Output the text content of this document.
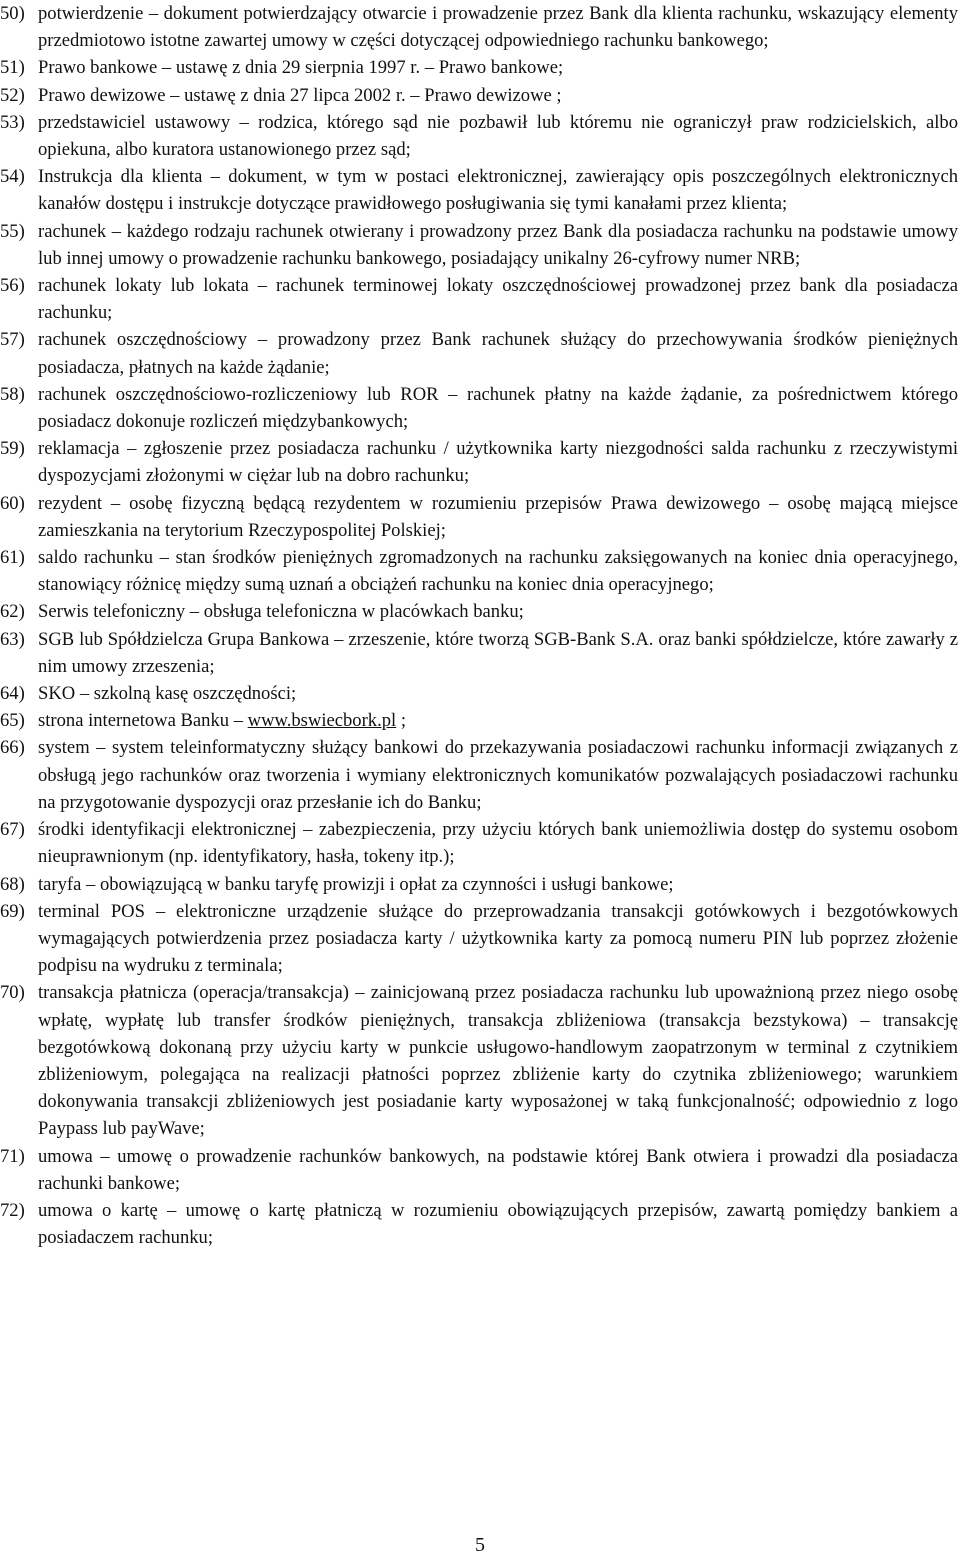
50) potwierdzenie – dokument potwierdzający otwarcie i prowadzenie przez Bank dla klienta rachunku, wskazujący elementy przedmiotowo istotne zawartej umowy w części dotyczącej odpowiedniego rachunku bankowego;
51) Prawo bankowe – ustawę z dnia 29 sierpnia 1997 r. – Prawo bankowe;
52) Prawo dewizowe – ustawę z dnia 27 lipca 2002 r. – Prawo dewizowe ;
53) przedstawiciel ustawowy – rodzica, którego sąd nie pozbawił lub któremu nie ograniczył praw rodzicielskich, albo opiekuna, albo kuratora ustanowionego przez sąd;
54) Instrukcja dla klienta – dokument, w tym w postaci elektronicznej, zawierający opis poszczególnych elektronicznych kanałów dostępu i instrukcje dotyczące prawidłowego posługiwania się tymi kanałami przez klienta;
55) rachunek – każdego rodzaju rachunek otwierany i prowadzony przez Bank dla posiadacza rachunku na podstawie umowy lub innej umowy o prowadzenie rachunku bankowego, posiadający unikalny 26-cyfrowy numer NRB;
56) rachunek lokaty lub lokata – rachunek terminowej lokaty oszczędnościowej prowadzonej przez bank dla posiadacza rachunku;
57) rachunek oszczędnościowy – prowadzony przez Bank rachunek służący do przechowywania środków pieniężnych posiadacza, płatnych na każde żądanie;
58) rachunek oszczędnościowo-rozliczeniowy lub ROR – rachunek płatny na każde żądanie, za pośrednictwem którego posiadacz dokonuje rozliczeń międzybankowych;
59) reklamacja – zgłoszenie przez posiadacza rachunku / użytkownika karty niezgodności salda rachunku z rzeczywistymi dyspozycjami złożonymi w ciężar lub na dobro rachunku;
60) rezydent – osobę fizyczną będącą rezydentem w rozumieniu przepisów Prawa dewizowego – osobę mającą miejsce zamieszkania na terytorium Rzeczypospolitej Polskiej;
61) saldo rachunku – stan środków pieniężnych zgromadzonych na rachunku zaksięgowanych na koniec dnia operacyjnego, stanowiący różnicę między sumą uznań a obciążeń rachunku na koniec dnia operacyjnego;
62) Serwis telefoniczny – obsługa telefoniczna w placówkach banku;
63) SGB lub Spółdzielcza Grupa Bankowa – zrzeszenie, które tworzą SGB-Bank S.A. oraz banki spółdzielcze, które zawarły z nim umowy zrzeszenia;
64) SKO – szkolną kasę oszczędności;
65) strona internetowa Banku – www.bswiecbork.pl ;
66) system – system teleinformatyczny służący bankowi do przekazywania posiadaczowi rachunku informacji związanych z obsługą jego rachunków oraz tworzenia i wymiany elektronicznych komunikatów pozwalających posiadaczowi rachunku na przygotowanie dyspozycji oraz przesłanie ich do Banku;
67) środki identyfikacji elektronicznej – zabezpieczenia, przy użyciu których bank uniemożliwia dostęp do systemu osobom nieuprawnionym (np. identyfikatory, hasła, tokeny itp.);
68) taryfa – obowiązującą w banku taryfę prowizji i opłat za czynności i usługi bankowe;
69) terminal POS – elektroniczne urządzenie służące do przeprowadzania transakcji gotówkowych i bezgotówkowych wymagających potwierdzenia przez posiadacza karty / użytkownika karty za pomocą numeru PIN lub poprzez złożenie podpisu na wydruku z terminala;
70) transakcja płatnicza (operacja/transakcja) – zainicjowaną przez posiadacza rachunku lub upoważnioną przez niego osobę wpłatę, wypłatę lub transfer środków pieniężnych, transakcja zbliżeniowa (transakcja bezstykowa) – transakcję bezgotówkową dokonaną przy użyciu karty w punkcie usługowo-handlowym zaopatrzonym w terminal z czytnikiem zbliżeniowym, polegająca na realizacji płatności poprzez zbliżenie karty do czytnika zbliżeniowego; warunkiem dokonywania transakcji zbliżeniowych jest posiadanie karty wyposażonej w taką funkcjonalność; odpowiednio z logo Paypass lub payWave;
71) umowa – umowę o prowadzenie rachunków bankowych, na podstawie której Bank otwiera i prowadzi dla posiadacza rachunki bankowe;
72) umowa o kartę – umowę o kartę płatniczą w rozumieniu obowiązujących przepisów, zawartą pomiędzy bankiem a posiadaczem rachunku;
5
